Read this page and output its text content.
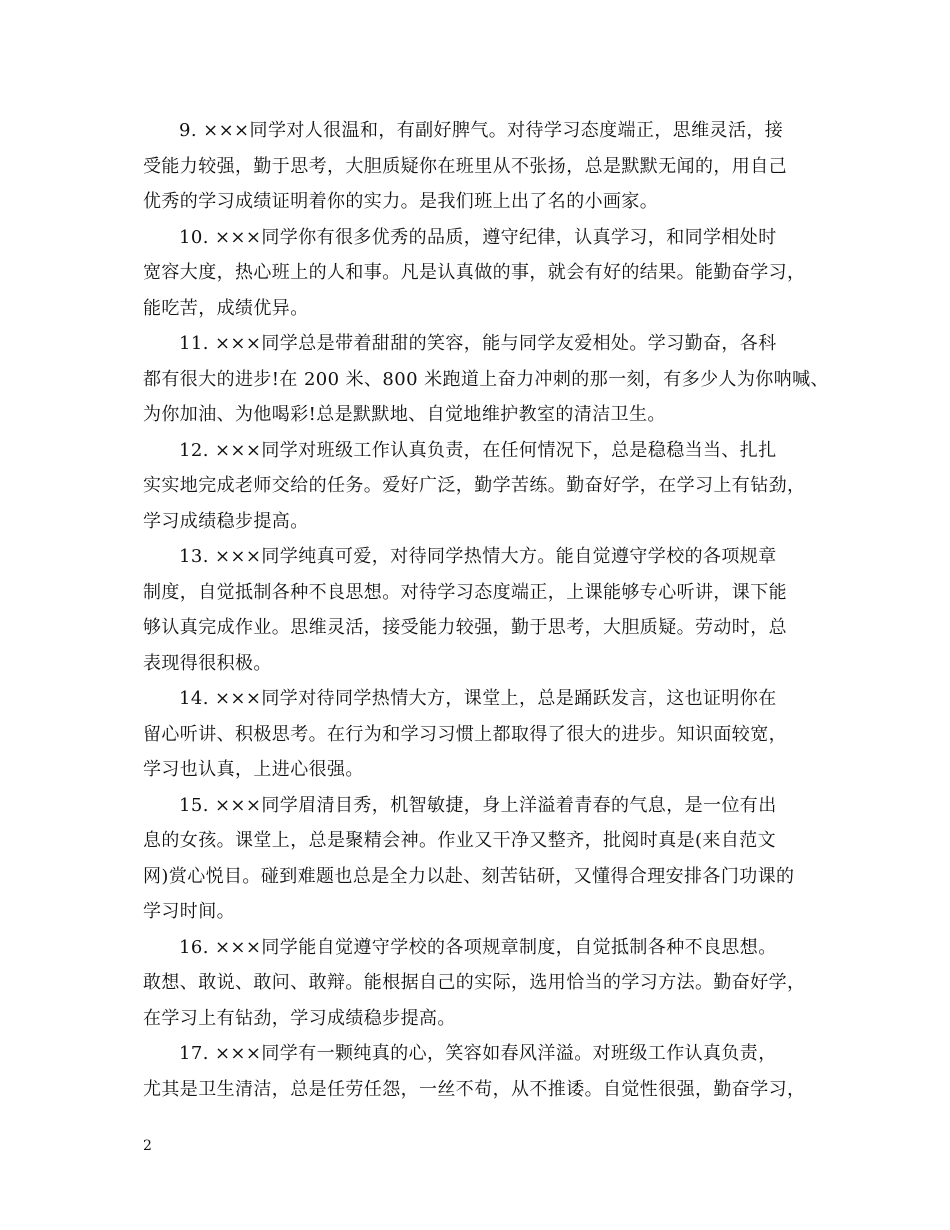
9. ×××同学对人很温和，有副好脾气。对待学习态度端正，思维灵活，接
受能力较强，勤于思考，大胆质疑你在班里从不张扬，总是默默无闻的，用自己
优秀的学习成绩证明着你的实力。是我们班上出了名的小画家。
10. ×××同学你有很多优秀的品质，遵守纪律，认真学习，和同学相处时
宽容大度，热心班上的人和事。凡是认真做的事，就会有好的结果。能勤奋学习，
能吃苦，成绩优异。
11. ×××同学总是带着甜甜的笑容，能与同学友爱相处。学习勤奋，各科
都有很大的进步!在 200 米、800 米跑道上奋力冲刺的那一刻，有多少人为你呐喊、
为你加油、为他喝彩!总是默默地、自觉地维护教室的清洁卫生。
12. ×××同学对班级工作认真负责，在任何情况下，总是稳稳当当、扎扎
实实地完成老师交给的任务。爱好广泛，勤学苦练。勤奋好学，在学习上有钻劲，
学习成绩稳步提高。
13. ×××同学纯真可爱，对待同学热情大方。能自觉遵守学校的各项规章
制度，自觉抵制各种不良思想。对待学习态度端正，上课能够专心听讲，课下能
够认真完成作业。思维灵活，接受能力较强，勤于思考，大胆质疑。劳动时，总
表现得很积极。
14. ×××同学对待同学热情大方，课堂上，总是踊跃发言，这也证明你在
留心听讲、积极思考。在行为和学习习惯上都取得了很大的进步。知识面较宽，
学习也认真，上进心很强。
15. ×××同学眉清目秀，机智敏捷，身上洋溢着青春的气息，是一位有出
息的女孩。课堂上，总是聚精会神。作业又干净又整齐，批阅时真是(来自范文
网)赏心悦目。碰到难题也总是全力以赴、刻苦钻研，又懂得合理安排各门功课的
学习时间。
16. ×××同学能自觉遵守学校的各项规章制度，自觉抵制各种不良思想。
敢想、敢说、敢问、敢辩。能根据自己的实际，选用恰当的学习方法。勤奋好学，
在学习上有钻劲，学习成绩稳步提高。
17. ×××同学有一颗纯真的心，笑容如春风洋溢。对班级工作认真负责，
尤其是卫生清洁，总是任劳任怨，一丝不苟，从不推诿。自觉性很强，勤奋学习，
2
